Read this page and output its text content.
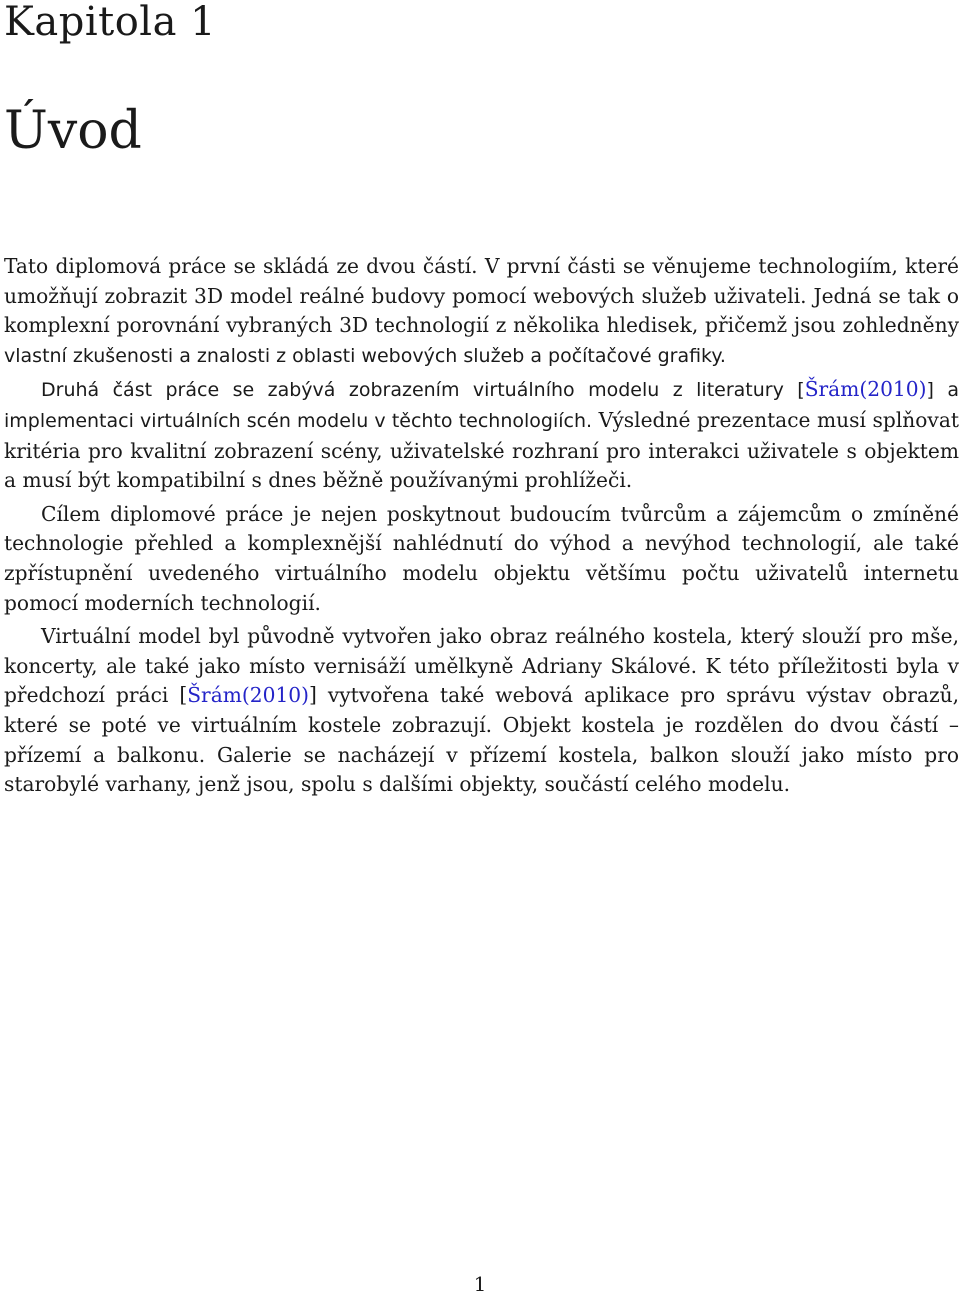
Kapitola 1
Úvod

Tato diplomová práce se skládá ze dvou částí. V první části se věnujeme technologiím, které umožňují zobrazit 3D model reálné budovy pomocí webových služeb uživateli. Jedná se tak o komplexní porovnání vybraných 3D technologií z několika hledisek, přičemž jsou zohledněny vlastní zkušenosti a znalosti z oblasti webových služeb a počítačové grafiky.

Druhá část práce se zabývá zobrazením virtuálního modelu z literatury [Šrám(2010)] a implementaci virtuálních scén modelu v těchto technologiích. Výsledné prezentace musí splňovat kritéria pro kvalitní zobrazení scény, uživatelské rozhraní pro interakci uživatele s objektem a musí být kompatibilní s dnes běžně používanými prohlížeči.

Cílem diplomové práce je nejen poskytnout budoucím tvůrcům a zájemcům o zmíněné technologie přehled a komplexnější nahlédnutí do výhod a nevýhod technologií, ale také zpřístupnění uvedeného virtuálního modelu objektu většímu počtu uživatelů internetu pomocí moderních technologií.

Virtuální model byl původně vytvořen jako obraz reálného kostela, který slouží pro mše, koncerty, ale také jako místo vernisáží umělkyně Adriany Skálové. K této příležitosti byla v předchozí práci [Šrám(2010)] vytvořena také webová aplikace pro správu výstav obrazů, které se poté ve virtuálním kostele zobrazují. Objekt kostela je rozdělen do dvou částí – přízemí a balkonu. Galerie se nacházejí v přízemí kostela, balkon slouží jako místo pro starobylé varhany, jenž jsou, spolu s dalšími objekty, součástí celého modelu.

1
